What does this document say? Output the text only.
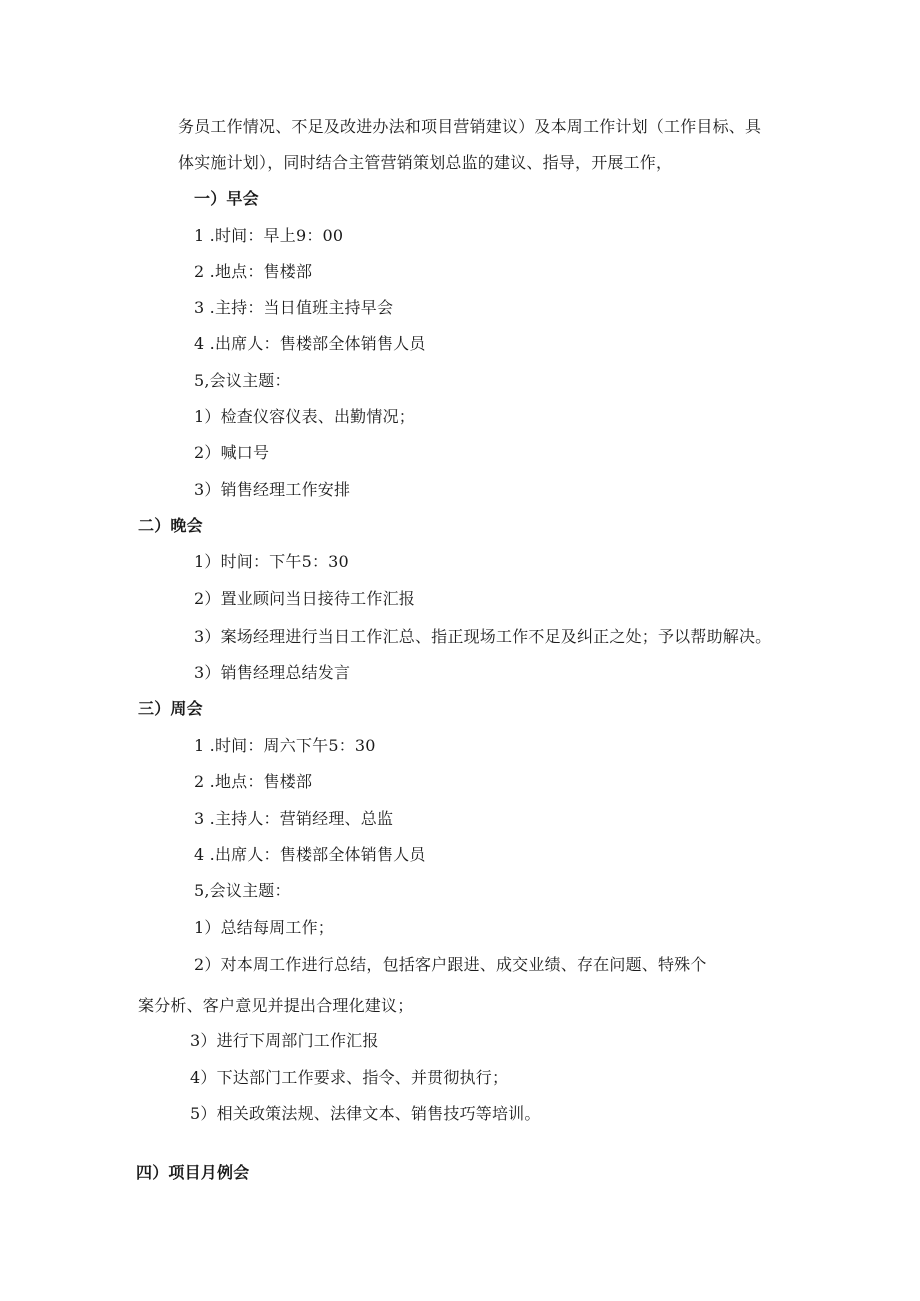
务员工作情况、不足及改进办法和项目营销建议）及本周工作计划（工作目标、具
体实施计划），同时结合主管营销策划总监的建议、指导，开展工作，
一）早会
1 .时间：早上9：00
2 .地点：售楼部
3 .主持：当日值班主持早会
4 .出席人：售楼部全体销售人员
5,会议主题：
1）检查仪容仪表、出勤情况；
2）喊口号
3）销售经理工作安排
二）晚会
1）时间：下午5：30
2）置业顾问当日接待工作汇报
3）案场经理进行当日工作汇总、指正现场工作不足及纠正之处；予以帮助解决。
3）销售经理总结发言
三）周会
1 .时间：周六下午5：30
2 .地点：售楼部
3 .主持人：营销经理、总监
4 .出席人：售楼部全体销售人员
5,会议主题：
1）总结每周工作；
2）对本周工作进行总结，包括客户跟进、成交业绩、存在问题、特殊个
案分析、客户意见并提出合理化建议；
3）进行下周部门工作汇报
4）下达部门工作要求、指令、并贯彻执行；
5）相关政策法规、法律文本、销售技巧等培训。
四）项目月例会
